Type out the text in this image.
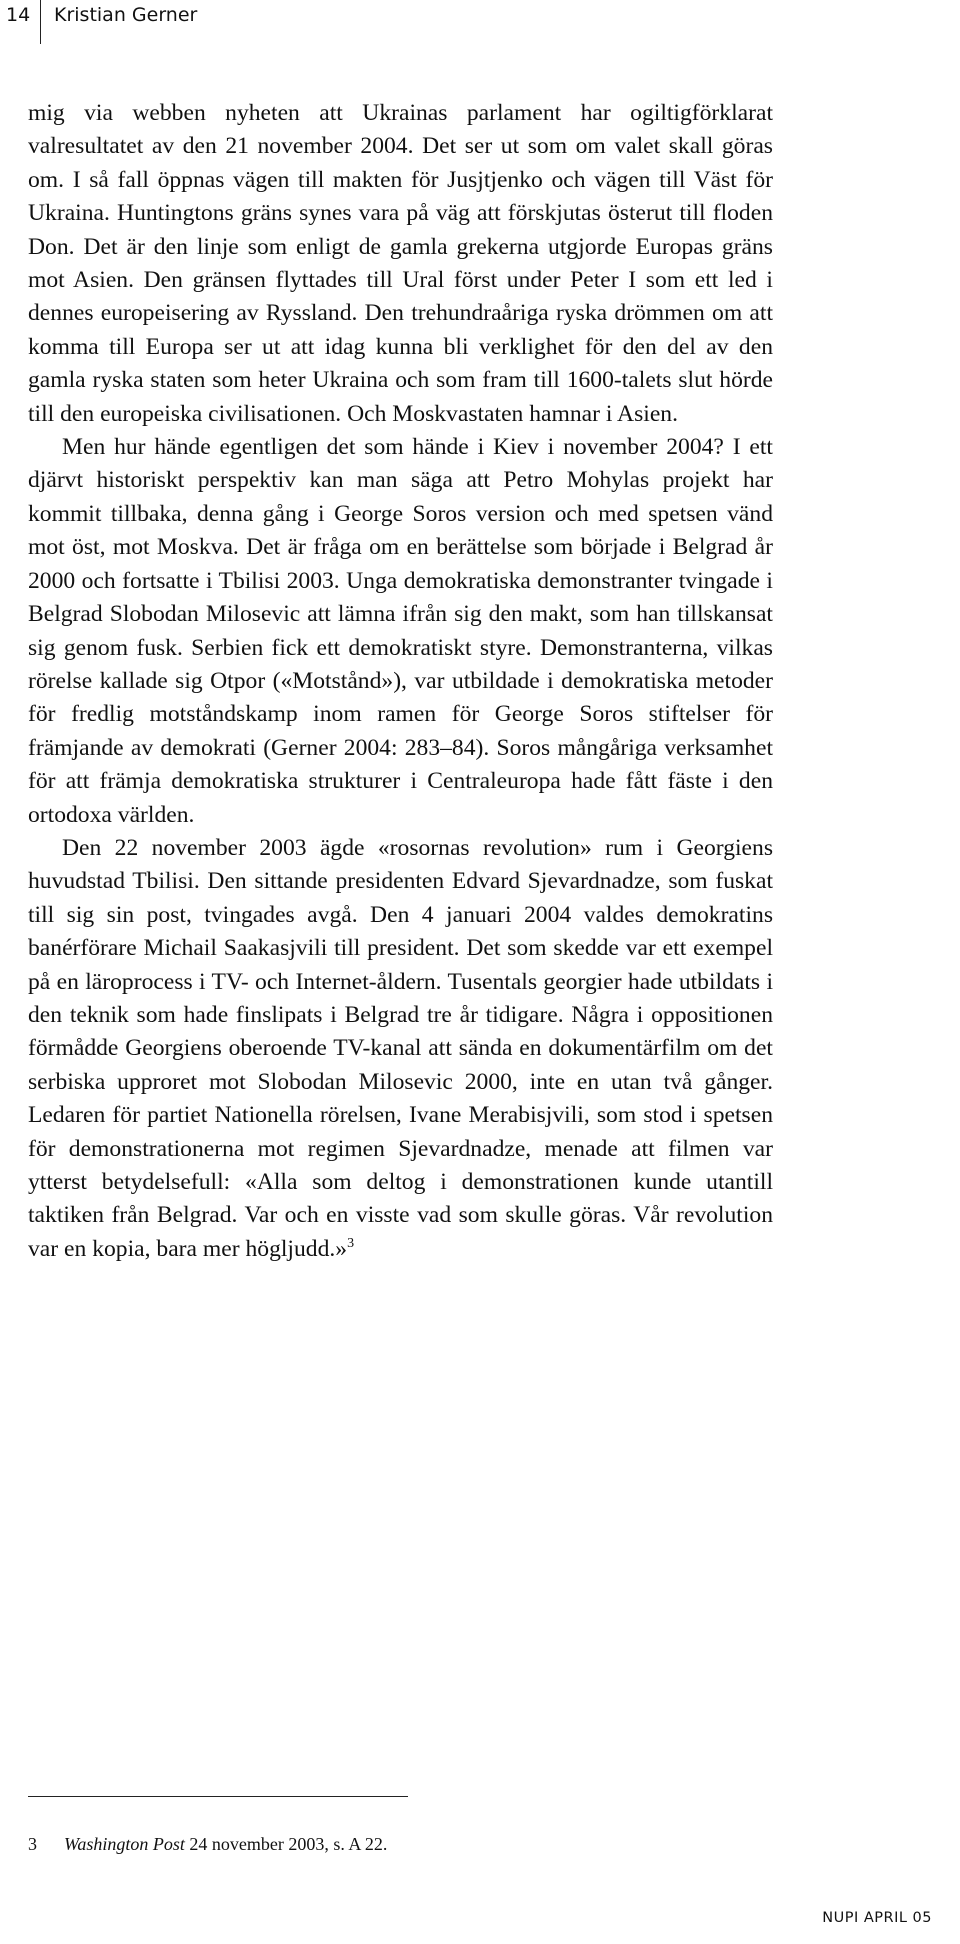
14 Kristian Gerner

mig via webben nyheten att Ukrainas parlament har ogiltigförklarat valresultatet av den 21 november 2004. Det ser ut som om valet skall göras om. I så fall öppnas vägen till makten för Jusjtjenko och vägen till Väst för Ukraina. Huntingtons gräns synes vara på väg att förskjutas österut till floden Don. Det är den linje som enligt de gamla grekerna utgjorde Europas gräns mot Asien. Den gränsen flyttades till Ural först under Peter I som ett led i dennes europeisering av Ryssland. Den trehundraåriga ryska drömmen om att komma till Europa ser ut att idag kunna bli verklighet för den del av den gamla ryska staten som heter Ukraina och som fram till 1600-talets slut hörde till den europeiska civilisationen. Och Moskvastaten hamnar i Asien.

Men hur hände egentligen det som hände i Kiev i november 2004? I ett djärvt historiskt perspektiv kan man säga att Petro Mohylas projekt har kommit tillbaka, denna gång i George Soros version och med spetsen vänd mot öst, mot Moskva. Det är fråga om en berättelse som började i Belgrad år 2000 och fortsatte i Tbilisi 2003. Unga demokratiska demonstranter tvingade i Belgrad Slobodan Milosevic att lämna ifrån sig den makt, som han tillskansat sig genom fusk. Serbien fick ett demokratiskt styre. Demonstranterna, vilkas rörelse kallade sig Otpor («Motstånd»), var utbildade i demokratiska metoder för fredlig motståndskamp inom ramen för George Soros stiftelser för främjande av demokrati (Gerner 2004: 283–84). Soros mångåriga verksamhet för att främja demokratiska strukturer i Centraleuropa hade fått fäste i den ortodoxa världen.

Den 22 november 2003 ägde «rosornas revolution» rum i Georgiens huvudstad Tbilisi. Den sittande presidenten Edvard Sjevardnadze, som fuskat till sig sin post, tvingades avgå. Den 4 januari 2004 valdes demokratins banérförare Michail Saakasjvili till president. Det som skedde var ett exempel på en läroprocess i TV- och Internet-åldern. Tusentals georgier hade utbildats i den teknik som hade finslipats i Belgrad tre år tidigare. Några i oppositionen förmådde Georgiens oberoende TV-kanal att sända en dokumentärfilm om det serbiska upproret mot Slobodan Milosevic 2000, inte en utan två gånger. Ledaren för partiet Nationella rörelsen, Ivane Merabisjvili, som stod i spetsen för demonstrationerna mot regimen Sjevardnadze, menade att filmen var ytterst betydelsefull: «Alla som deltog i demonstrationen kunde utantill taktiken från Belgrad. Var och en visste vad som skulle göras. Vår revolution var en kopia, bara mer högljudd.»$^3$

3 Washington Post 24 november 2003, s. A 22.
NUPI APRIL 05
